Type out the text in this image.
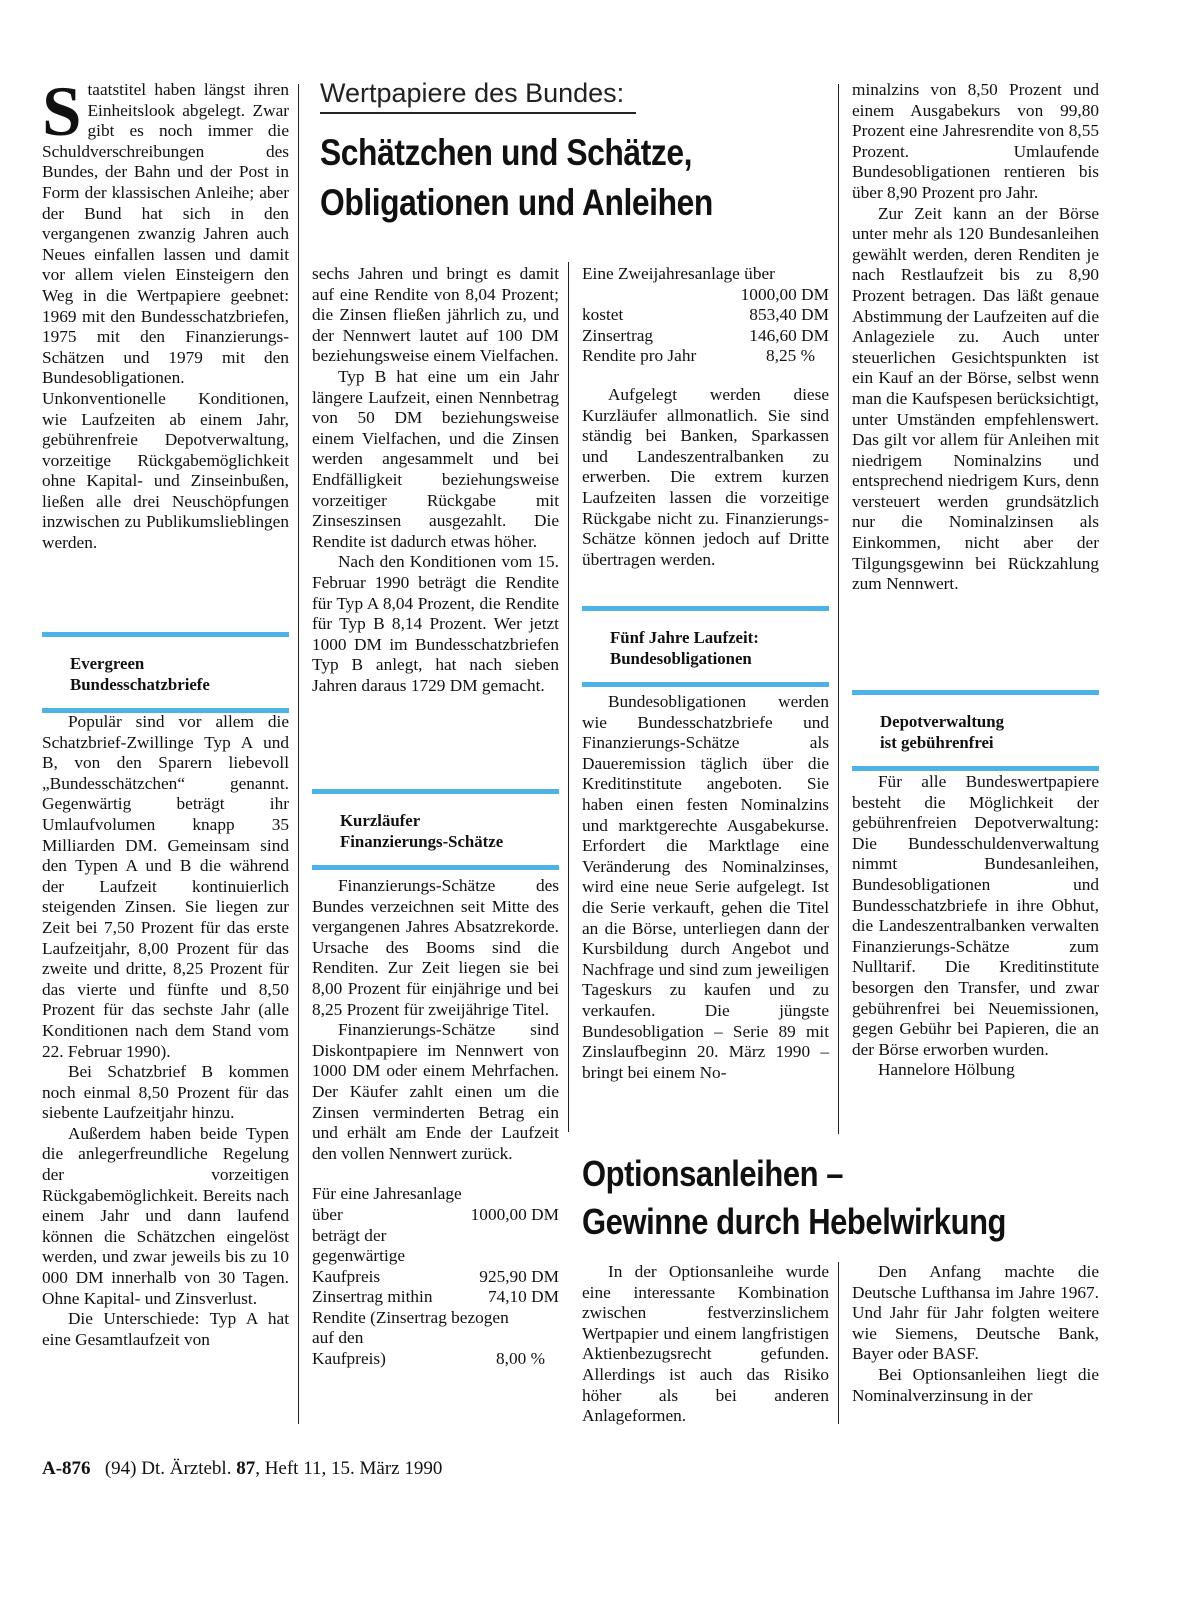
Wertpapiere des Bundes:
Schätzchen und Schätze,
Obligationen und Anleihen

Staatstitel haben längst ihren Einheitslook abgelegt. Zwar gibt es noch immer die Schuldverschreibungen des Bundes, der Bahn und der Post in Form der klassischen Anleihe; aber der Bund hat sich in den vergangenen zwanzig Jahren auch Neues einfallen lassen und damit vor allem vielen Einsteigern den Weg in die Wertpapiere geebnet: 1969 mit den Bundesschatzbriefen, 1975 mit den Finanzierungs-Schätzen und 1979 mit den Bundesobligationen. Unkonventionelle Konditionen, wie Laufzeiten ab einem Jahr, gebührenfreie Depotverwaltung, vorzeitige Rückgabemöglichkeit ohne Kapital- und Zinseinbußen, ließen alle drei Neuschöpfungen inzwischen zu Publikumslieblingen werden.

Evergreen
Bundesschatzbriefe

Populär sind vor allem die Schatzbrief-Zwillinge Typ A und B, von den Sparern liebevoll „Bundesschätzchen“ genannt. Gegenwärtig beträgt ihr Umlaufvolumen knapp 35 Milliarden DM. Gemeinsam sind den Typen A und B die während der Laufzeit kontinuierlich steigenden Zinsen. Sie liegen zur Zeit bei 7,50 Prozent für das erste Laufzeitjahr, 8,00 Prozent für das zweite und dritte, 8,25 Prozent für das vierte und fünfte und 8,50 Prozent für das sechste Jahr (alle Konditionen nach dem Stand vom 22. Februar 1990).

Bei Schatzbrief B kommen noch einmal 8,50 Prozent für das siebente Laufzeitjahr hinzu.

Außerdem haben beide Typen die anlegerfreundliche Regelung der vorzeitigen Rückgabemöglichkeit. Bereits nach einem Jahr und dann laufend können die Schätzchen eingelöst werden, und zwar jeweils bis zu 10 000 DM innerhalb von 30 Tagen. Ohne Kapital- und Zinsverlust.

Die Unterschiede: Typ A hat eine Gesamtlaufzeit von

sechs Jahren und bringt es damit auf eine Rendite von 8,04 Prozent; die Zinsen fließen jährlich zu, und der Nennwert lautet auf 100 DM beziehungsweise einem Vielfachen.

Typ B hat eine um ein Jahr längere Laufzeit, einen Nennbetrag von 50 DM beziehungsweise einem Vielfachen, und die Zinsen werden angesammelt und bei Endfälligkeit beziehungsweise vorzeitiger Rückgabe mit Zinseszinsen ausgezahlt. Die Rendite ist dadurch etwas höher.

Nach den Konditionen vom 15. Februar 1990 beträgt die Rendite für Typ A 8,04 Prozent, die Rendite für Typ B 8,14 Prozent. Wer jetzt 1000 DM im Bundesschatzbriefen Typ B anlegt, hat nach sieben Jahren daraus 1729 DM gemacht.

Kurzläufer
Finanzierungs-Schätze

Finanzierungs-Schätze des Bundes verzeichnen seit Mitte des vergangenen Jahres Absatzrekorde. Ursache des Booms sind die Renditen. Zur Zeit liegen sie bei 8,00 Prozent für einjährige und bei 8,25 Prozent für zweijährige Titel.

Finanzierungs-Schätze sind Diskontpapiere im Nennwert von 1000 DM oder einem Mehrfachen. Der Käufer zahlt einen um die Zinsen verminderten Betrag ein und erhält am Ende der Laufzeit den vollen Nennwert zurück.

Für eine Jahresanlage
über	1000,00 DM
beträgt der
gegenwärtige
Kaufpreis	925,90 DM
Zinsertrag mithin	74,10 DM
Rendite (Zinsertrag bezogen
auf den
Kaufpreis)	8,00 %
Eine Zweijahresanlage über
1000,00 DM
kostet	853,40 DM
Zinsertrag	146,60 DM
Rendite pro Jahr	8,25 %

Aufgelegt werden diese Kurzläufer allmonatlich. Sie sind ständig bei Banken, Sparkassen und Landeszentralbanken zu erwerben. Die extrem kurzen Laufzeiten lassen die vorzeitige Rückgabe nicht zu. Finanzierungs-Schätze können jedoch auf Dritte übertragen werden.

Fünf Jahre Laufzeit:
Bundesobligationen

Bundesobligationen werden wie Bundesschatzbriefe und Finanzierungs-Schätze als Daueremission täglich über die Kreditinstitute angeboten. Sie haben einen festen Nominalzins und marktgerechte Ausgabekurse. Erfordert die Marktlage eine Veränderung des Nominalzinses, wird eine neue Serie aufgelegt. Ist die Serie verkauft, gehen die Titel an die Börse, unterliegen dann der Kursbildung durch Angebot und Nachfrage und sind zum jeweiligen Tageskurs zu kaufen und zu verkaufen. Die jüngste Bundesobligation – Serie 89 mit Zinslaufbeginn 20. März 1990 – bringt bei einem No-

minalzins von 8,50 Prozent und einem Ausgabekurs von 99,80 Prozent eine Jahresrendite von 8,55 Prozent. Umlaufende Bundesobligationen rentieren bis über 8,90 Prozent pro Jahr.

Zur Zeit kann an der Börse unter mehr als 120 Bundesanleihen gewählt werden, deren Renditen je nach Restlaufzeit bis zu 8,90 Prozent betragen. Das läßt genaue Abstimmung der Laufzeiten auf die Anlageziele zu. Auch unter steuerlichen Gesichtspunkten ist ein Kauf an der Börse, selbst wenn man die Kaufspesen berücksichtigt, unter Umständen empfehlenswert. Das gilt vor allem für Anleihen mit niedrigem Nominalzins und entsprechend niedrigem Kurs, denn versteuert werden grundsätzlich nur die Nominalzinsen als Einkommen, nicht aber der Tilgungsgewinn bei Rückzahlung zum Nennwert.

Depotverwaltung
ist gebührenfrei

Für alle Bundeswertpapiere besteht die Möglichkeit der gebührenfreien Depotverwaltung: Die Bundesschuldenverwaltung nimmt Bundesanleihen, Bundesobligationen und Bundesschatzbriefe in ihre Obhut, die Landeszentralbanken verwalten Finanzierungs-Schätze zum Nulltarif. Die Kreditinstitute besorgen den Transfer, und zwar gebührenfrei bei Neuemissionen, gegen Gebühr bei Papieren, die an der Börse erworben wurden.

Hannelore Hölbung

Optionsanleihen –
Gewinne durch Hebelwirkung

In der Optionsanleihe wurde eine interessante Kombination zwischen festverzinslichem Wertpapier und einem langfristigen Aktienbezugsrecht gefunden. Allerdings ist auch das Risiko höher als bei anderen Anlageformen.

Den Anfang machte die Deutsche Lufthansa im Jahre 1967. Und Jahr für Jahr folgten weitere wie Siemens, Deutsche Bank, Bayer oder BASF.

Bei Optionsanleihen liegt die Nominalverzinsung in der

A-876 (94) Dt. Ärztebl. 87, Heft 11, 15. März 1990
